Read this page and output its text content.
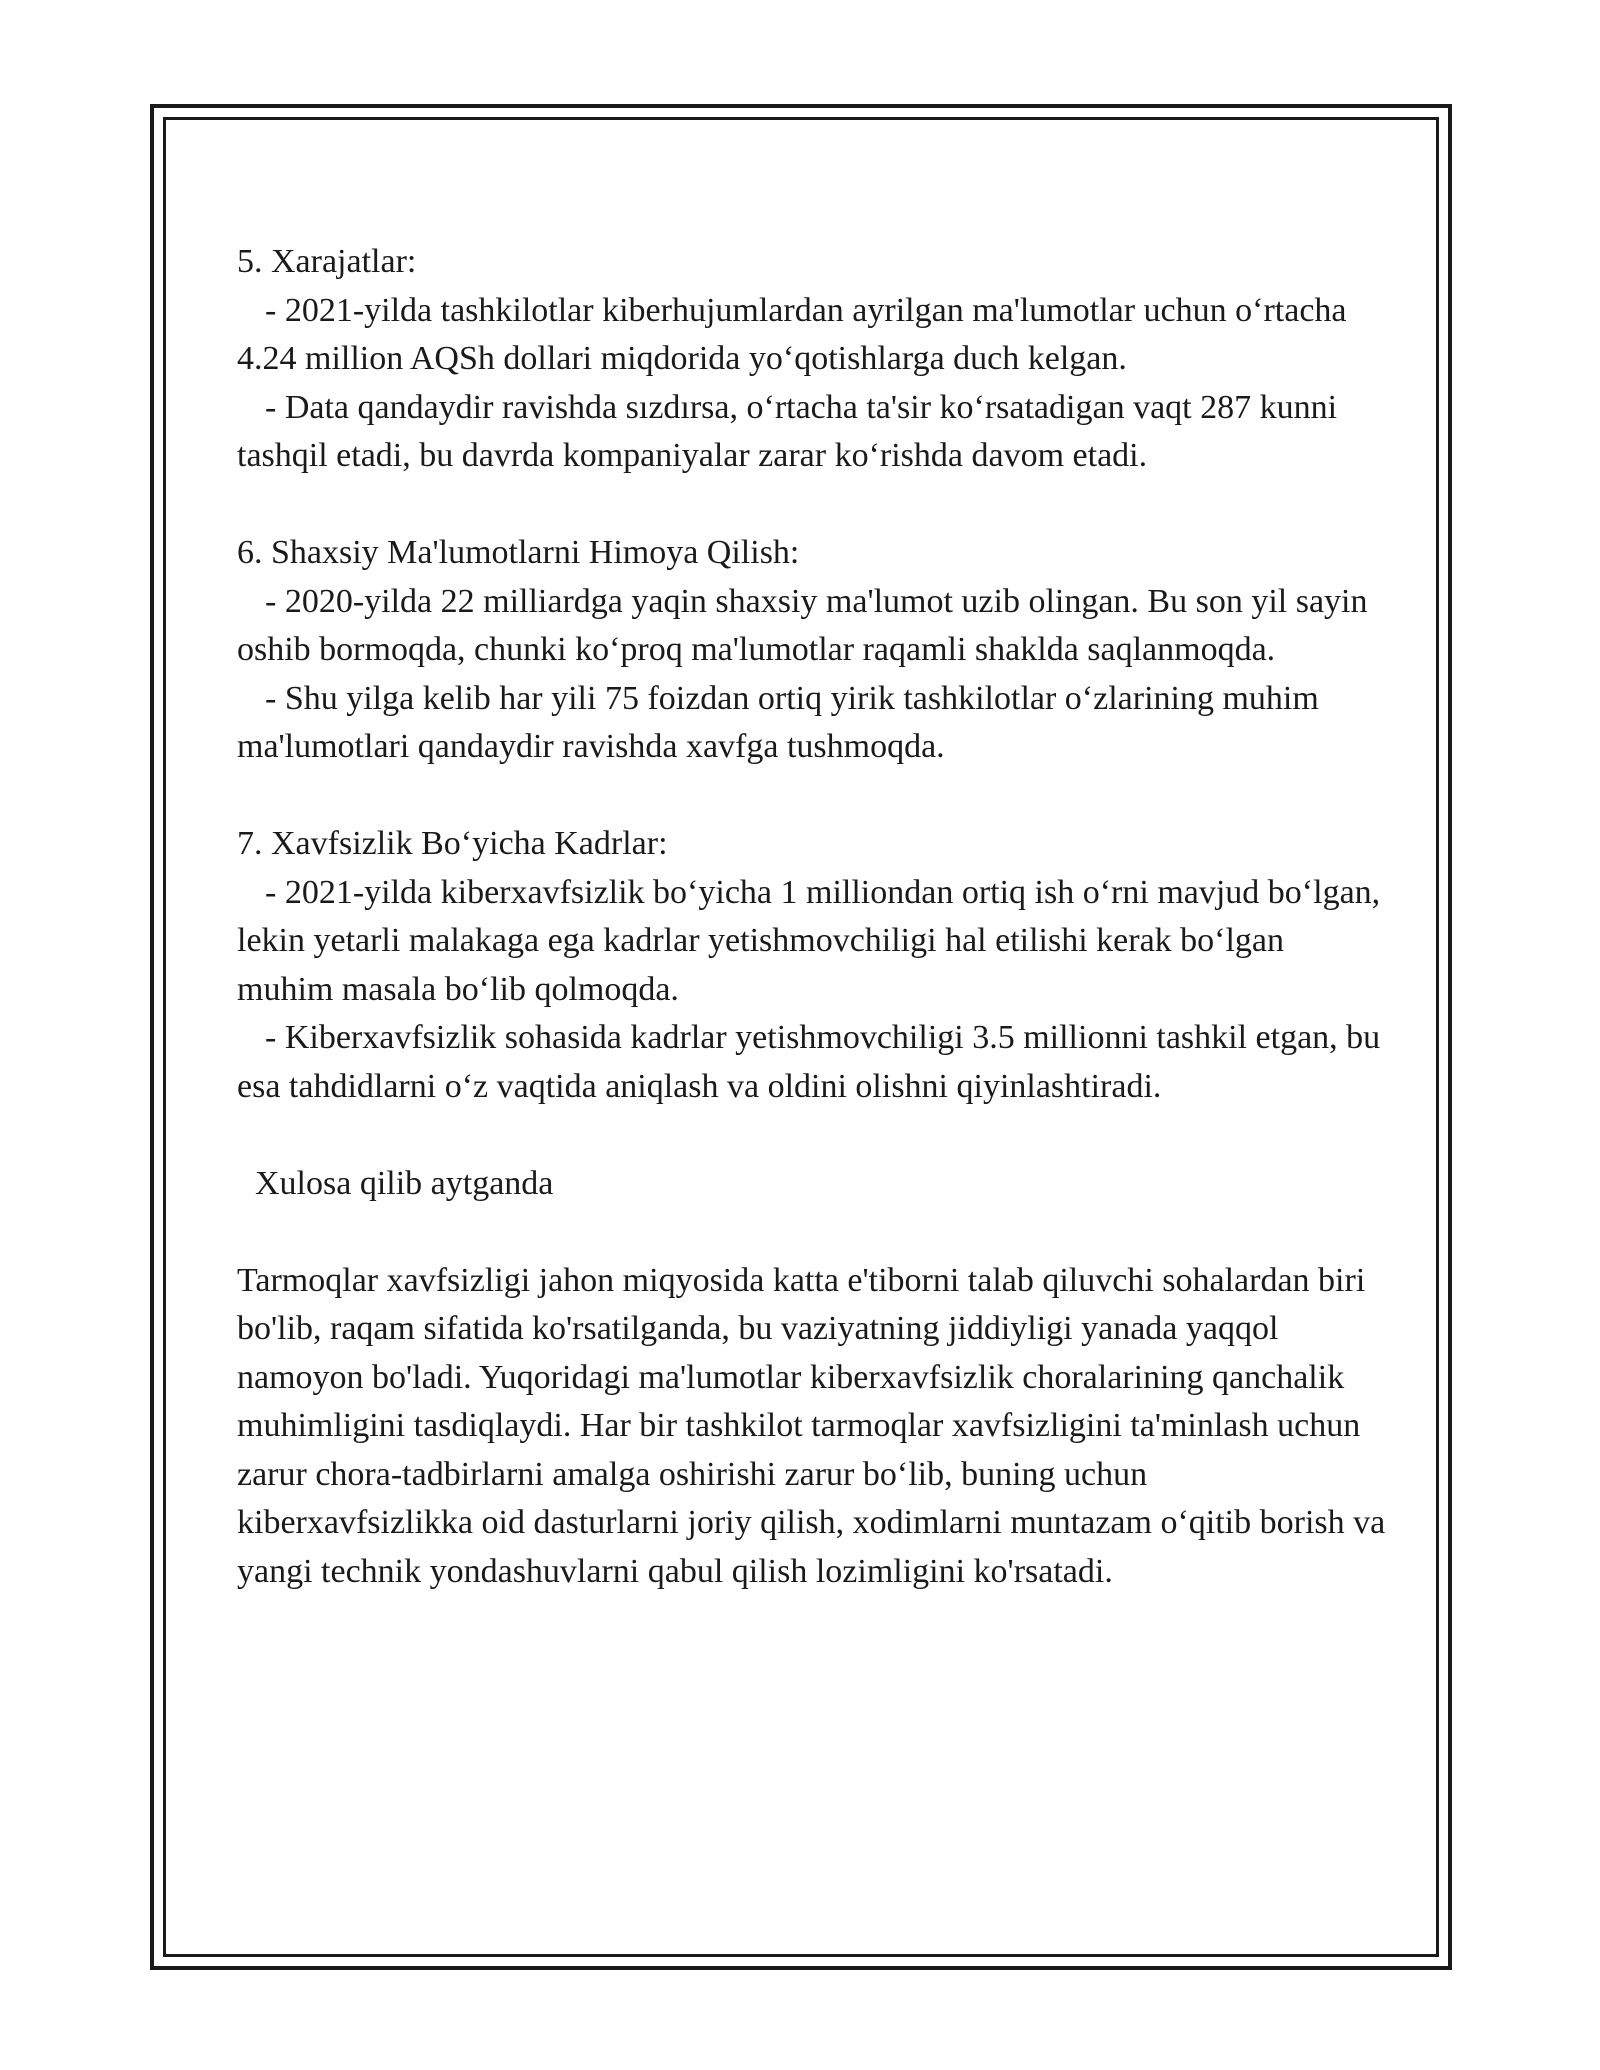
5. Xarajatlar:

- 2021-yilda tashkilotlar kiberhujumlardan ayrilgan ma'lumotlar uchun o‘rtacha 4.24 million AQSh dollari miqdorida yo‘qotishlarga duch kelgan.

- Data qandaydir ravishda sızdırsa, o‘rtacha ta'sir ko‘rsatadigan vaqt 287 kunni tashqil etadi, bu davrda kompaniyalar zarar ko‘rishda davom etadi.

6. Shaxsiy Ma'lumotlarni Himoya Qilish:

- 2020-yilda 22 milliardga yaqin shaxsiy ma'lumot uzib olingan. Bu son yil sayin oshib bormoqda, chunki ko‘proq ma'lumotlar raqamli shaklda saqlanmoqda.

- Shu yilga kelib har yili 75 foizdan ortiq yirik tashkilotlar o‘zlarining muhim ma'lumotlari qandaydir ravishda xavfga tushmoqda.

7. Xavfsizlik Bo‘yicha Kadrlar:

- 2021-yilda kiberxavfsizlik bo‘yicha 1 milliondan ortiq ish o‘rni mavjud bo‘lgan, lekin yetarli malakaga ega kadrlar yetishmovchiligi hal etilishi kerak bo‘lgan muhim masala bo‘lib qolmoqda.

- Kiberxavfsizlik sohasida kadrlar yetishmovchiligi 3.5 millionni tashkil etgan, bu esa tahdidlarni o‘z vaqtida aniqlash va oldini olishni qiyinlashtiradi.

Xulosa qilib aytganda

Tarmoqlar xavfsizligi jahon miqyosida katta e'tiborni talab qiluvchi sohalardan biri bo'lib, raqam sifatida ko'rsatilganda, bu vaziyatning jiddiyligi yanada yaqqol namoyon bo'ladi. Yuqoridagi ma'lumotlar kiberxavfsizlik choralarining qanchalik muhimligini tasdiqlaydi. Har bir tashkilot tarmoqlar xavfsizligini ta'minlash uchun zarur chora-tadbirlarni amalga oshirishi zarur bo‘lib, buning uchun kiberxavfsizlikka oid dasturlarni joriy qilish, xodimlarni muntazam o‘qitib borish va yangi technik yondashuvlarni qabul qilish lozimligini ko'rsatadi.
